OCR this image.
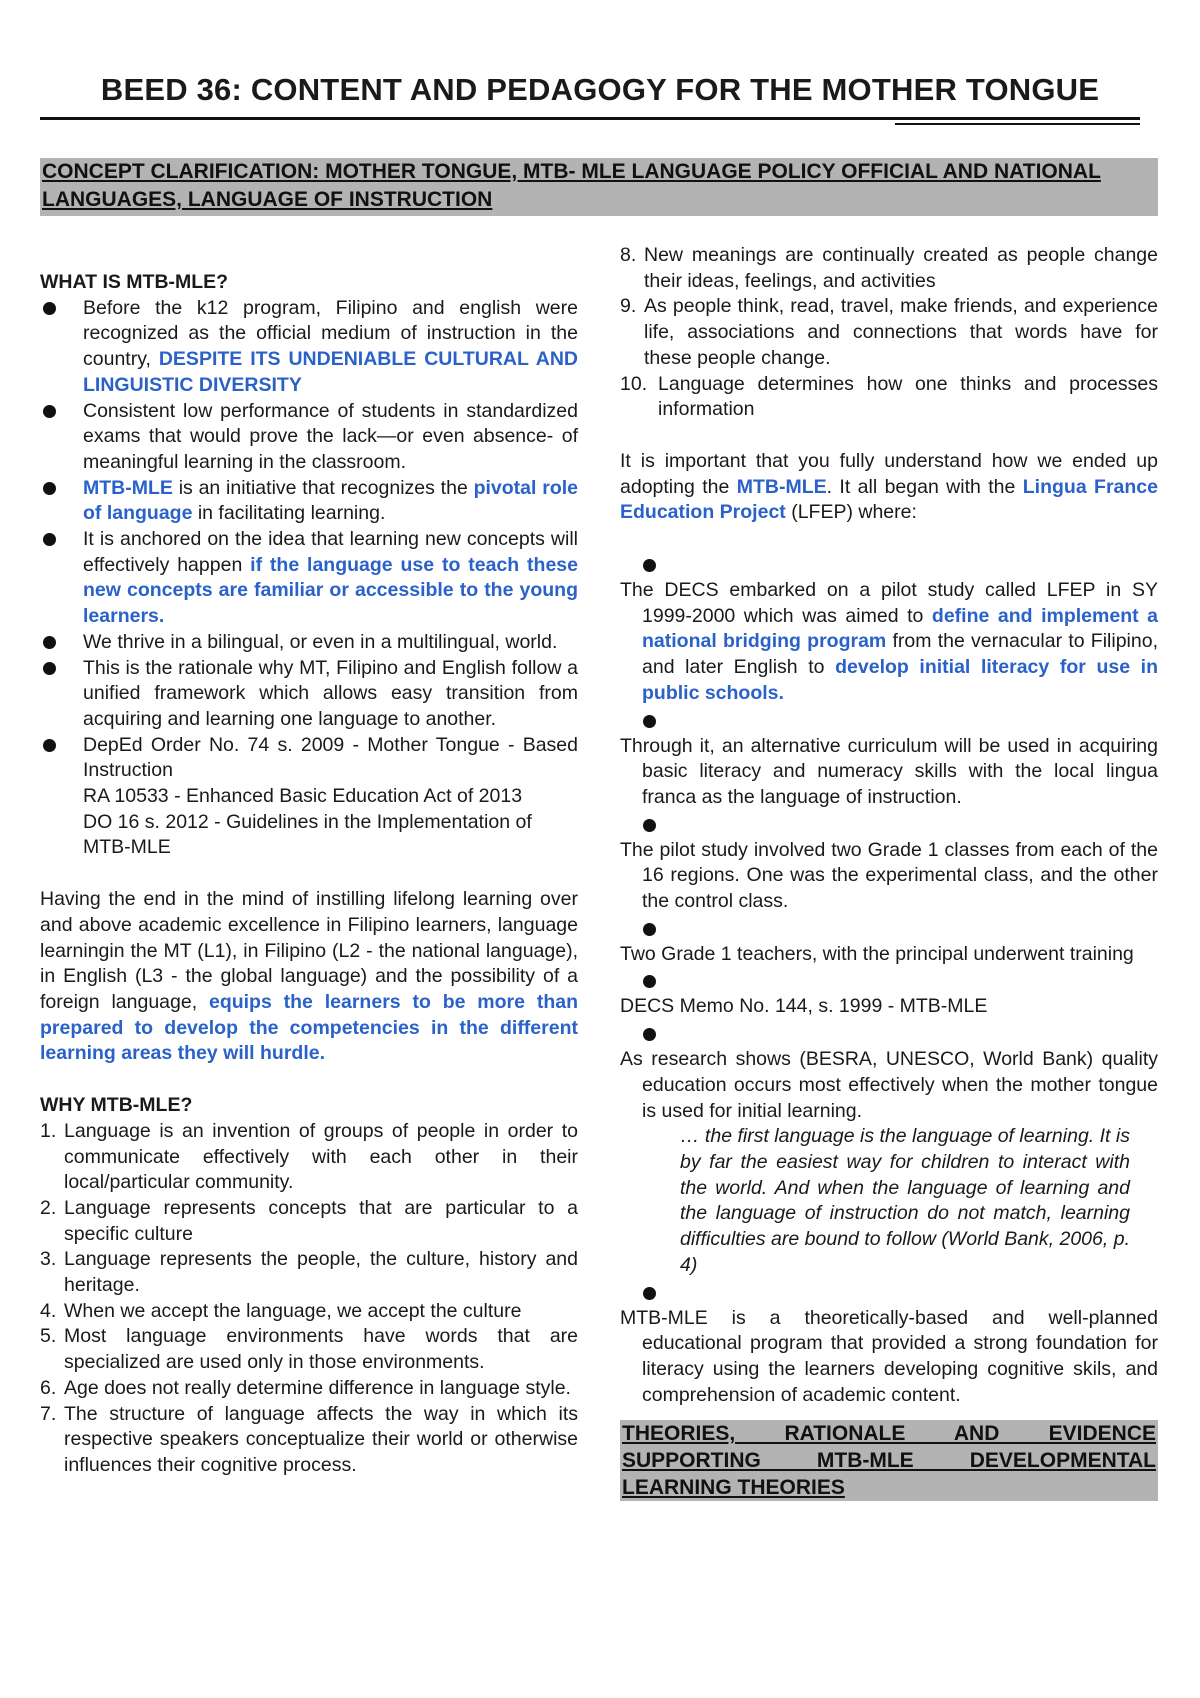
BEED 36: CONTENT AND PEDAGOGY FOR THE MOTHER TONGUE
CONCEPT CLARIFICATION: MOTHER TONGUE, MTB- MLE LANGUAGE POLICY OFFICIAL AND NATIONAL LANGUAGES, LANGUAGE OF INSTRUCTION
WHAT IS MTB-MLE?
Before the k12 program, Filipino and english were recognized as the official medium of instruction in the country, DESPITE ITS UNDENIABLE CULTURAL AND LINGUISTIC DIVERSITY
Consistent low performance of students in standardized exams that would prove the lack—or even absence- of meaningful learning in the classroom.
MTB-MLE is an initiative that recognizes the pivotal role of language in facilitating learning.
It is anchored on the idea that learning new concepts will effectively happen if the language use to teach these new concepts are familiar or accessible to the young learners.
We thrive in a bilingual, or even in a multilingual, world.
This is the rationale why MT, Filipino and English follow a unified framework which allows easy transition from acquiring and learning one language to another.
DepEd Order No. 74 s. 2009 - Mother Tongue - Based Instruction
RA 10533 - Enhanced Basic Education Act of 2013
DO 16 s. 2012 - Guidelines in the Implementation of MTB-MLE

Having the end in the mind of instilling lifelong learning over and above academic excellence in Filipino learners, language learningin the MT (L1), in Filipino (L2 - the national language), in English (L3 - the global language) and the possibility of a foreign language, equips the learners to be more than prepared to develop the competencies in the different learning areas they will hurdle.

WHY MTB-MLE?
1. Language is an invention of groups of people in order to communicate effectively with each other in their local/particular community.
2. Language represents concepts that are particular to a specific culture
3. Language represents the people, the culture, history and heritage.
4. When we accept the language, we accept the culture
5. Most language environments have words that are specialized are used only in those environments.
6. Age does not really determine difference in language style.
7. The structure of language affects the way in which its respective speakers conceptualize their world or otherwise influences their cognitive process.
8. New meanings are continually created as people change their ideas, feelings, and activities
9. As people think, read, travel, make friends, and experience life, associations and connections that words have for these people change.
10. Language determines how one thinks and processes information

It is important that you fully understand how we ended up adopting the MTB-MLE. It all began with the Lingua France Education Project (LFEP) where:

The DECS embarked on a pilot study called LFEP in SY 1999-2000 which was aimed to define and implement a national bridging program from the vernacular to Filipino, and later English to develop initial literacy for use in public schools.
Through it, an alternative curriculum will be used in acquiring basic literacy and numeracy skills with the local lingua franca as the language of instruction.
The pilot study involved two Grade 1 classes from each of the 16 regions. One was the experimental class, and the other the control class.
Two Grade 1 teachers, with the principal underwent training
DECS Memo No. 144, s. 1999 - MTB-MLE
As research shows (BESRA, UNESCO, World Bank) quality education occurs most effectively when the mother tongue is used for initial learning.
… the first language is the language of learning. It is by far the easiest way for children to interact with the world. And when the language of learning and the language of instruction do not match, learning difficulties are bound to follow (World Bank, 2006, p. 4)
MTB-MLE is a theoretically-based and well-planned educational program that provided a strong foundation for literacy using the learners developing cognitive skils, and comprehension of academic content.
THEORIES, RATIONALE AND EVIDENCE SUPPORTING MTB-MLE DEVELOPMENTAL LEARNING THEORIES
